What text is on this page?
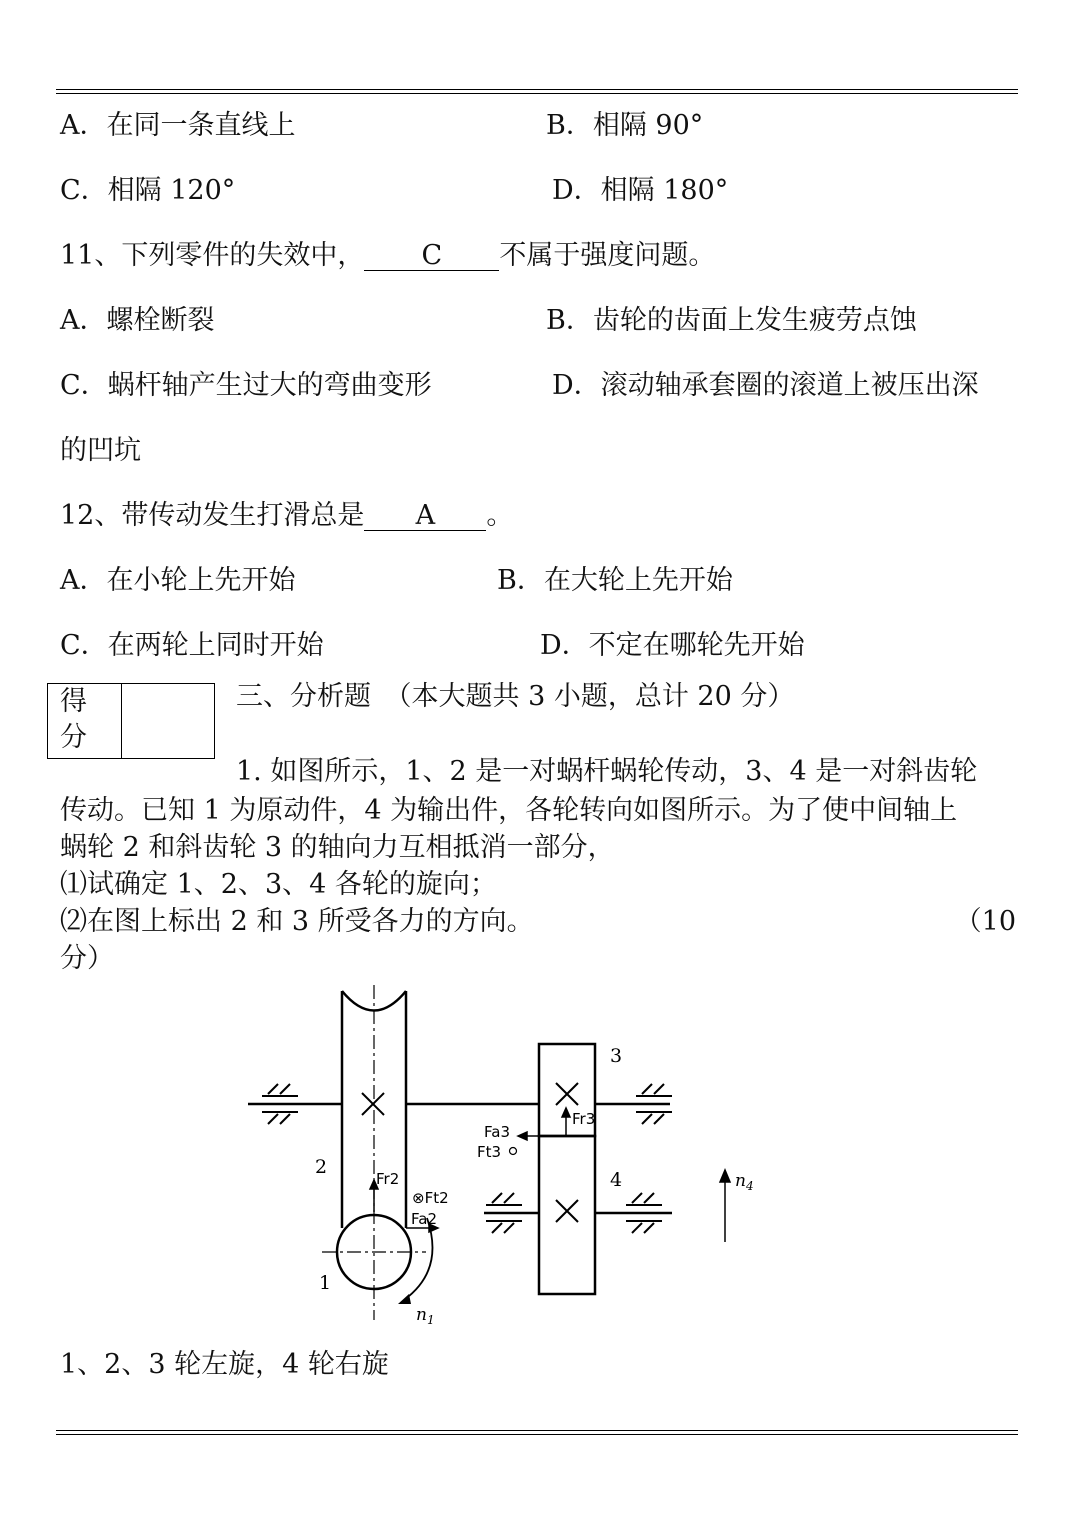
A．在同一条直线上	B．相隔 90°
C．相隔 120°	D．相隔 180°
11、下列零件的失效中， C 不属于强度问题。
A．螺栓断裂	B．齿轮的齿面上发生疲劳点蚀
C．蜗杆轴产生过大的弯曲变形	D．滚动轴承套圈的滚道上被压出深
的凹坑
12、带传动发生打滑总是 A 。
A．在小轮上先开始	B．在大轮上先开始
C．在两轮上同时开始	D．不定在哪轮先开始
得
分
三、分析题　（本大题共 3 小题，总计 20 分）
1. 如图所示，1、2 是一对蜗杆蜗轮传动，3、4 是一对斜齿轮
传动。已知 1 为原动件，4 为输出件，各轮转向如图所示。为了使中间轴上
蜗轮 2 和斜齿轮 3 的轴向力互相抵消一部分，
⑴试确定 1、2、3、4 各轮的旋向；
⑵在图上标出 2 和 3 所受各力的方向。	（10
分）
3
4
2
1
Fr2
⊗Ft2
Fa2
Fa3
Ft3
Fr3
$n_1$
$n_4$
1、2、3 轮左旋，4 轮右旋
